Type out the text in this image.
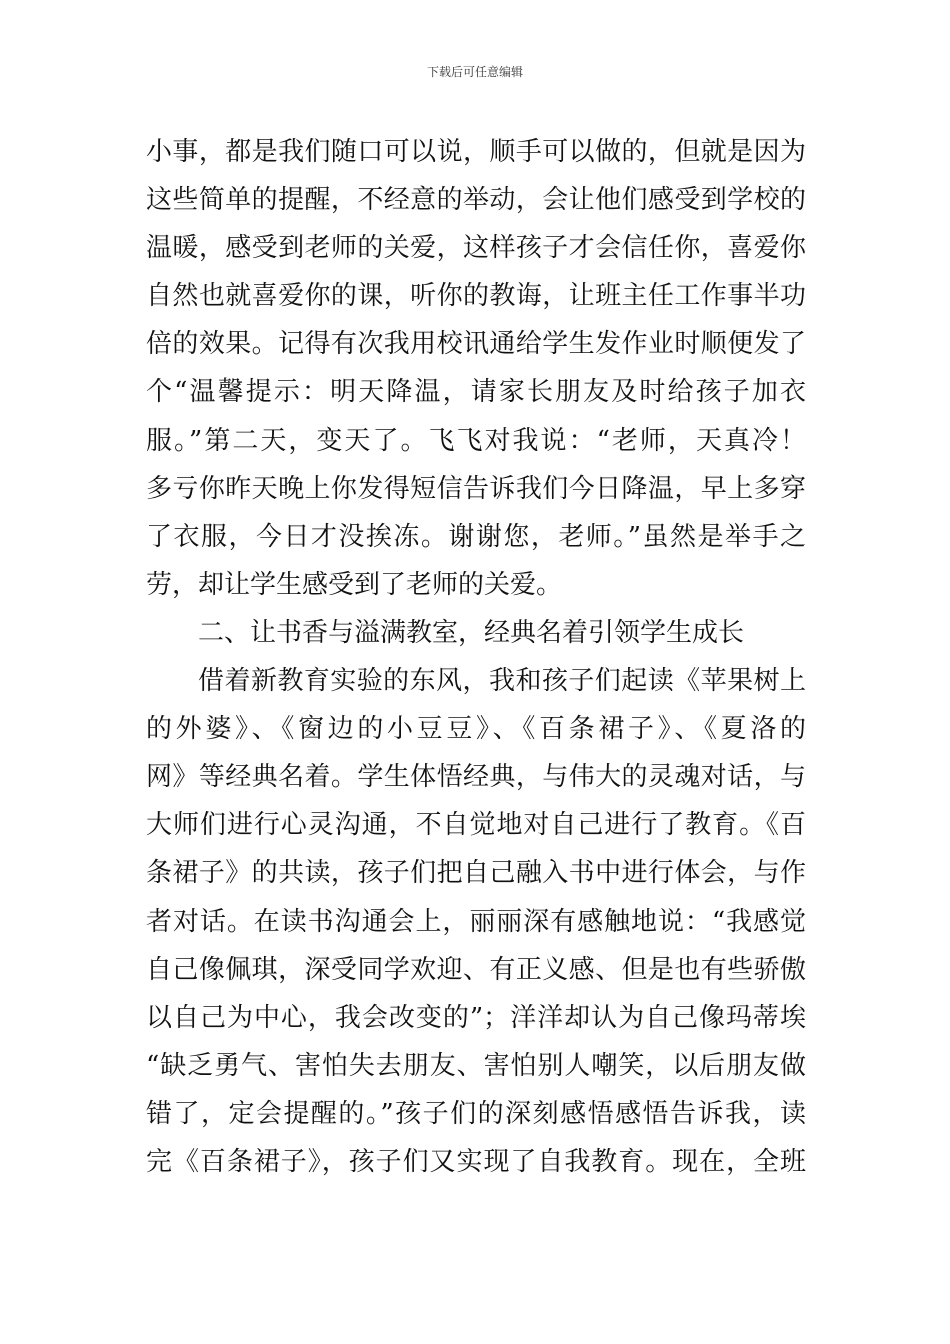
下载后可任意编辑
小事，都是我们随口可以说，顺手可以做的，但就是因为
这些简单的提醒，不经意的举动，会让他们感受到学校的
温暖，感受到老师的关爱，这样孩子才会信任你，喜爱你
自然也就喜爱你的课，听你的教诲，让班主任工作事半功
倍的效果。记得有次我用校讯通给学生发作业时顺便发了
个“温馨提示：明天降温，请家长朋友及时给孩子加衣
服。”第二天，变天了。飞飞对我说：“老师，天真冷！
多亏你昨天晚上你发得短信告诉我们今日降温，早上多穿
了衣服，今日才没挨冻。谢谢您，老师。”虽然是举手之
劳，却让学生感受到了老师的关爱。
二、让书香与溢满教室，经典名着引领学生成长
借着新教育实验的东风，我和孩子们起读《苹果树上
的外婆》、《窗边的小豆豆》、《百条裙子》、《夏洛的
网》等经典名着。学生体悟经典，与伟大的灵魂对话，与
大师们进行心灵沟通，不自觉地对自己进行了教育。《百
条裙子》的共读，孩子们把自己融入书中进行体会，与作
者对话。在读书沟通会上，丽丽深有感触地说：“我感觉
自己像佩琪，深受同学欢迎、有正义感、但是也有些骄傲
以自己为中心，我会改变的”；洋洋却认为自己像玛蒂埃
“缺乏勇气、害怕失去朋友、害怕别人嘲笑，以后朋友做
错了，定会提醒的。”孩子们的深刻感悟感悟告诉我，读
完《百条裙子》，孩子们又实现了自我教育。现在，全班
